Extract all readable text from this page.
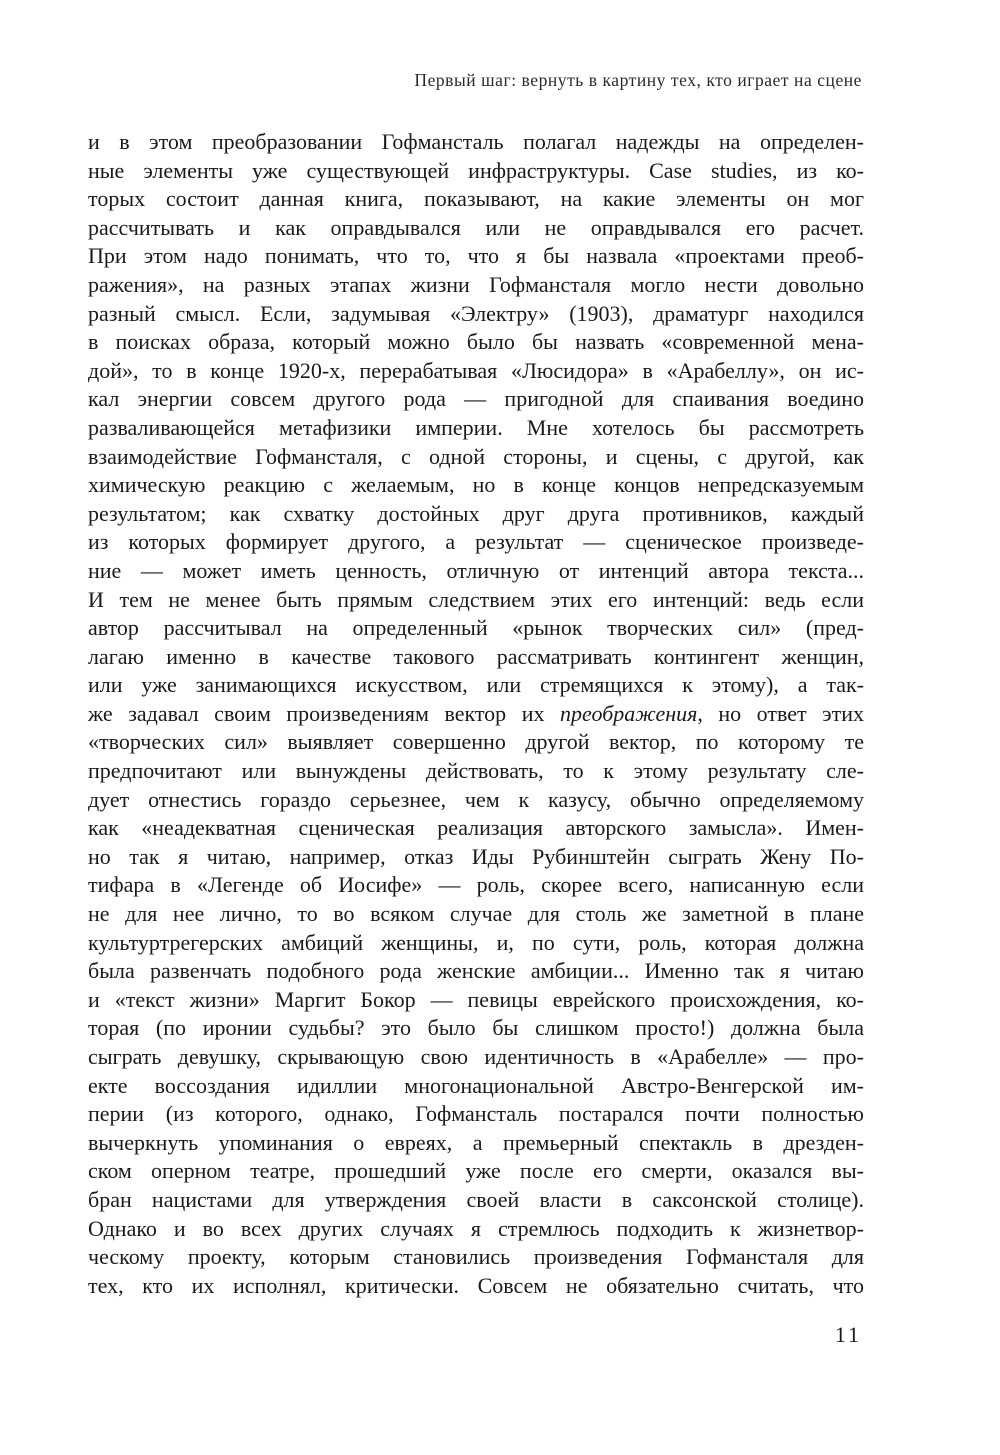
Первый шаг: вернуть в картину тех, кто играет на сцене
и в этом преобразовании Гофмансталь полагал надежды на определен-
ные элементы уже существующей инфраструктуры. Case studies, из ко-
торых состоит данная книга, показывают, на какие элементы он мог
рассчитывать и как оправдывался или не оправдывался его расчет.
При этом надо понимать, что то, что я бы назвала «проектами преоб-
ражения», на разных этапах жизни Гофмансталя могло нести довольно
разный смысл. Если, задумывая «Электру» (1903), драматург находился
в поисках образа, который можно было бы назвать «современной мена-
дой», то в конце 1920-х, перерабатывая «Люсидора» в «Арабеллу», он ис-
кал энергии совсем другого рода — пригодной для спаивания воедино
разваливающейся метафизики империи. Мне хотелось бы рассмотреть
взаимодействие Гофмансталя, с одной стороны, и сцены, с другой, как
химическую реакцию с желаемым, но в конце концов непредсказуемым
результатом; как схватку достойных друг друга противников, каждый
из которых формирует другого, а результат — сценическое произведе-
ние — может иметь ценность, отличную от интенций автора текста...
И тем не менее быть прямым следствием этих его интенций: ведь если
автор рассчитывал на определенный «рынок творческих сил» (пред-
лагаю именно в качестве такового рассматривать контингент женщин,
или уже занимающихся искусством, или стремящихся к этому), а так-
же задавал своим произведениям вектор их преображения, но ответ этих
«творческих сил» выявляет совершенно другой вектор, по которому те
предпочитают или вынуждены действовать, то к этому результату сле-
дует отнестись гораздо серьезнее, чем к казусу, обычно определяемому
как «неадекватная сценическая реализация авторского замысла». Имен-
но так я читаю, например, отказ Иды Рубинштейн сыграть Жену По-
тифара в «Легенде об Иосифе» — роль, скорее всего, написанную если
не для нее лично, то во всяком случае для столь же заметной в плане
культуртрегерских амбиций женщины, и, по сути, роль, которая должна
была развенчать подобного рода женские амбиции... Именно так я читаю
и «текст жизни» Маргит Бокор — певицы еврейского происхождения, ко-
торая (по иронии судьбы? это было бы слишком просто!) должна была
сыграть девушку, скрывающую свою идентичность в «Арабелле» — про-
екте воссоздания идиллии многонациональной Австро-Венгерской им-
перии (из которого, однако, Гофмансталь постарался почти полностью
вычеркнуть упоминания о евреях, а премьерный спектакль в дрезден-
ском оперном театре, прошедший уже после его смерти, оказался вы-
бран нацистами для утверждения своей власти в саксонской столице).
Однако и во всех других случаях я стремлюсь подходить к жизнетвор-
ческому проекту, которым становились произведения Гофмансталя для
тех, кто их исполнял, критически. Совсем не обязательно считать, что
11
